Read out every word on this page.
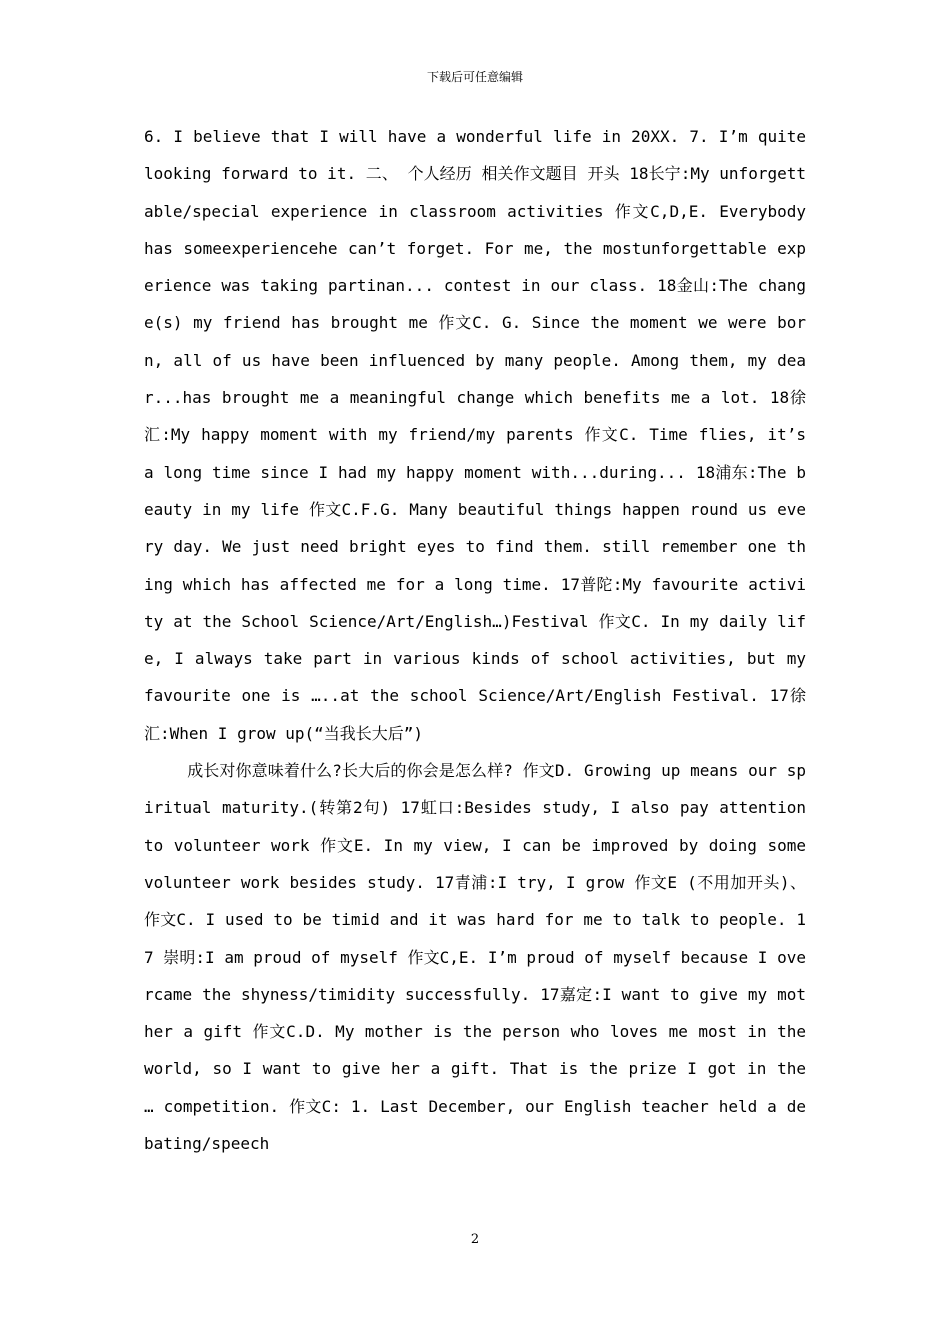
下载后可任意编辑

6. I believe that I will have a wonderful life in 20XX. 7. I’m quite looking forward to it. 二、 个人经历 相关作文题目 开头 18长宁:My unforgettable/special experience in classroom activities 作文C,D,E. Everybody has someexperiencehe can’t forget. For me, the mostunforgettable experience was taking partinan... contest in our class. 18金山:The change(s) my friend has brought me 作文C. G. Since the moment we were born, all of us have been influenced by many people. Among them, my dear...has brought me a meaningful change which benefits me a lot. 18徐汇:My happy moment with my friend/my parents 作文C. Time flies, it’s a long time since I had my happy moment with...during... 18浦东:The beauty in my life 作文C.F.G. Many beautiful things happen round us every day. We just need bright eyes to find them. still remember one thing which has affected me for a long time. 17普陀:My favourite activity at the School Science/Art/English…)Festival 作文C. In my daily life, I always take part in various kinds of school activities, but my favourite one is …..at the school Science/Art/English Festival. 17徐汇:When I grow up(“当我长大后”)

成长对你意味着什么?长大后的你会是怎么样? 作文D. Growing up means our spiritual maturity.(转第2句) 17虹口:Besides study, I also pay attention to volunteer work 作文E. In my view, I can be improved by doing some volunteer work besides study. 17青浦:I try, I grow 作文E (不用加开头)、作文C. I used to be timid and it was hard for me to talk to people. 17 崇明:I am proud of myself 作文C,E. I’m proud of myself because I overcame the shyness/timidity successfully. 17嘉定:I want to give my mother a gift 作文C.D. My mother is the person who loves me most in the world, so I want to give her a gift. That is the prize I got in the … competition. 作文C: 1. Last December, our English teacher held a debating/speech

2
